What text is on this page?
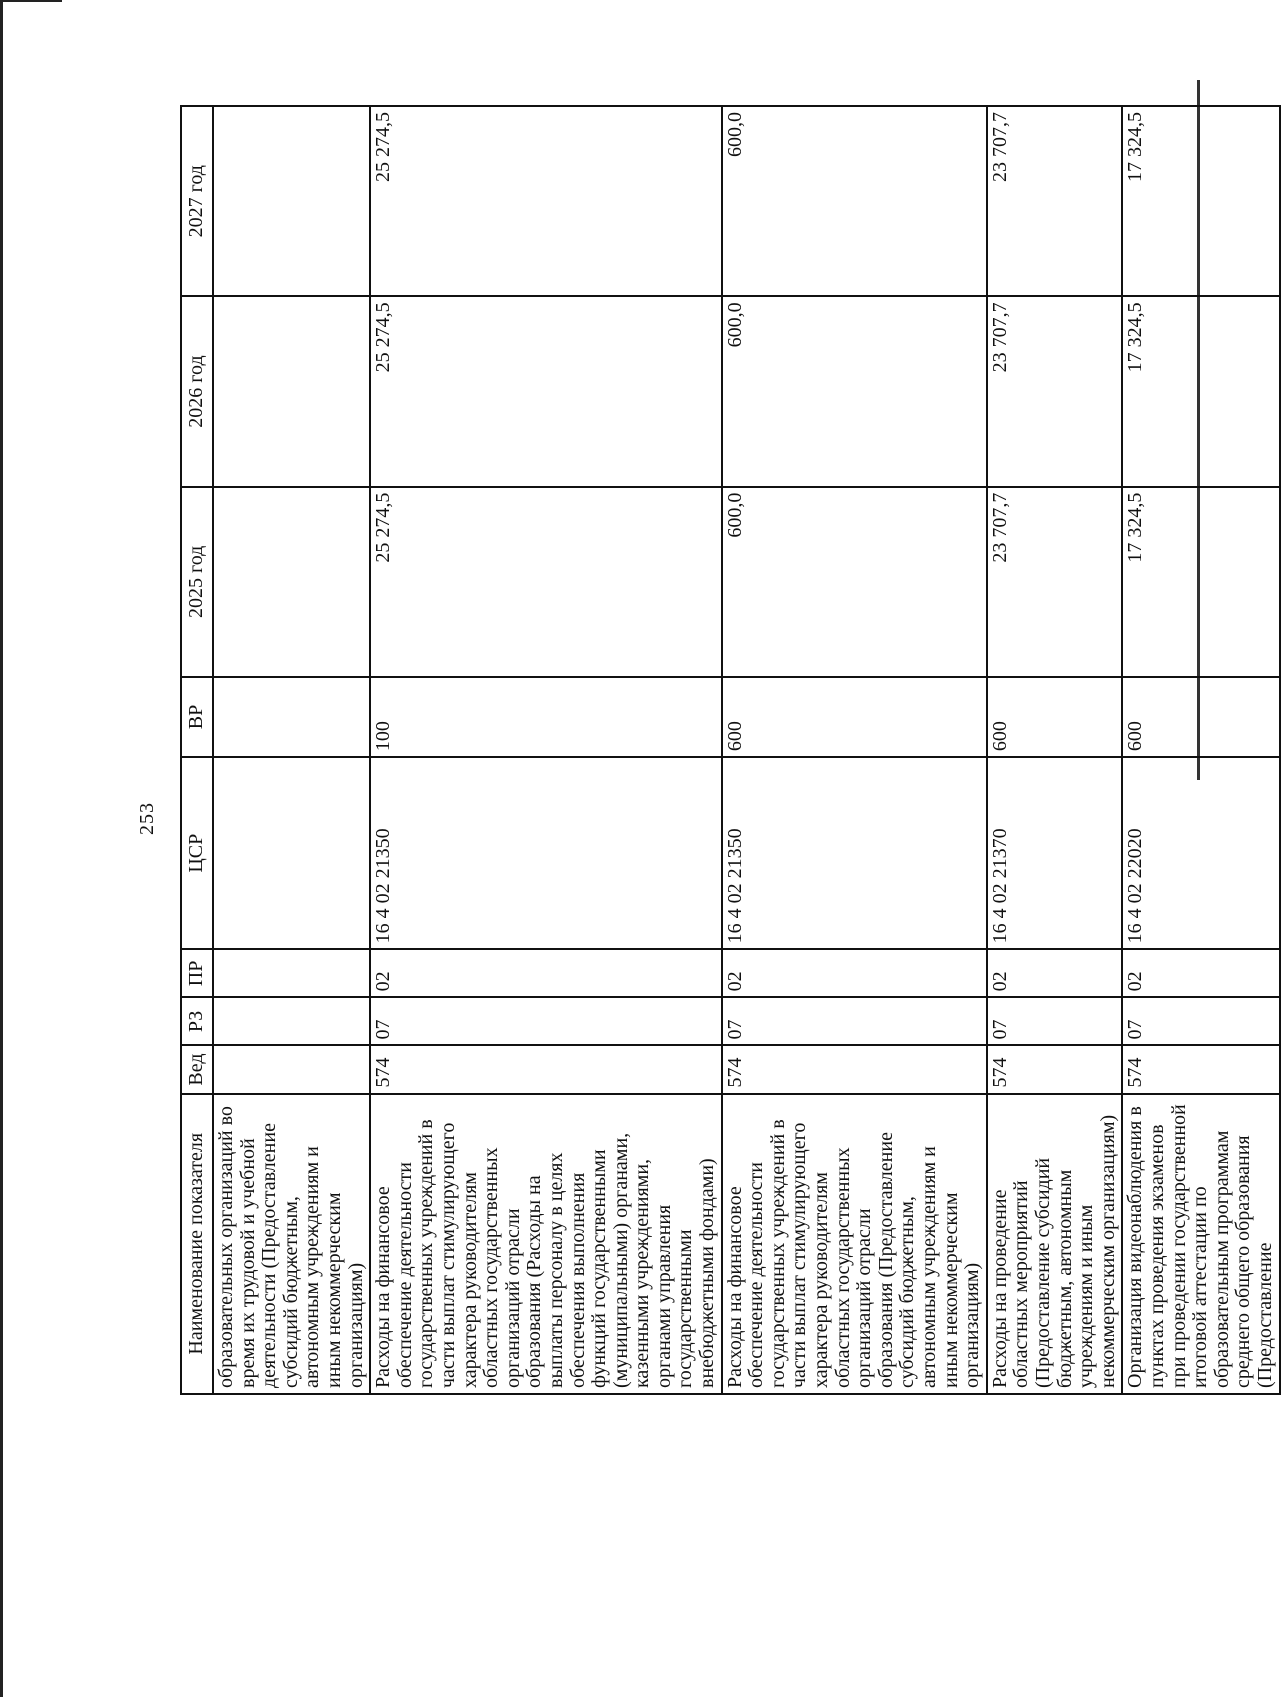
253
Наименование показателя	Вед	РЗ	ПР	ЦСР	ВР	2025 год	2026 год	2027 год
образовательных организаций во время их трудовой и учебной деятельности (Предоставление субсидий бюджетным, автономным учреждениям и иным некоммерческим организациям)								
Расходы на финансовое обеспечение деятельности государственных учреждений в части выплат стимулирующего характера руководителям областных государственных организаций отрасли образования (Расходы на выплаты персоналу в целях обеспечения выполнения функций государственными (муниципальными) органами, казенными учреждениями, органами управления государственными внебюджетными фондами)	574	07	02	16 4 02 21350	100	25 274,5	25 274,5	25 274,5
Расходы на финансовое обеспечение деятельности государственных учреждений в части выплат стимулирующего характера руководителям областных государственных организаций отрасли образования (Предоставление субсидий бюджетным, автономным учреждениям и иным некоммерческим организациям)	574	07	02	16 4 02 21350	600	600,0	600,0	600,0
Расходы на проведение областных мероприятий (Предоставление субсидий бюджетным, автономным учреждениям и иным некоммерческим организациям)	574	07	02	16 4 02 21370	600	23 707,7	23 707,7	23 707,7
Организация видеонаблюдения в пунктах проведения экзаменов при проведении государственной итоговой аттестации по образовательным программам среднего общего образования (Предоставление	574	07	02	16 4 02 22020	600	17 324,5	17 324,5	17 324,5
